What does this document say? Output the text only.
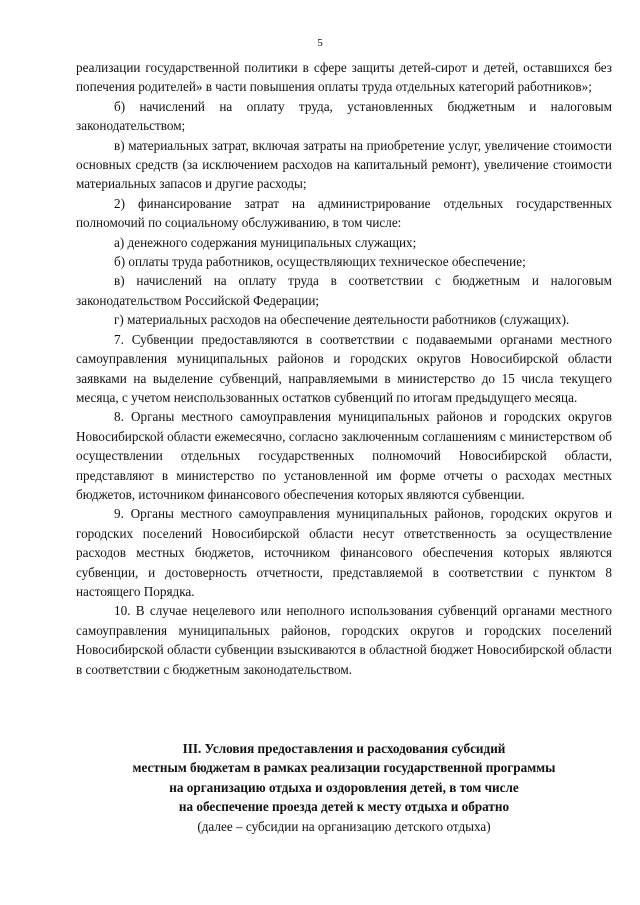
5

реализации государственной политики в сфере защиты детей-сирот и детей, оставшихся без попечения родителей» в части повышения оплаты труда отдельных категорий работников»;

б) начислений на оплату труда, установленных бюджетным и налоговым законодательством;

в) материальных затрат, включая затраты на приобретение услуг, увеличение стоимости основных средств (за исключением расходов на капитальный ремонт), увеличение стоимости материальных запасов и другие расходы;

2) финансирование затрат на администрирование отдельных государственных полномочий по социальному обслуживанию, в том числе:

а) денежного содержания муниципальных служащих;

б) оплаты труда работников, осуществляющих техническое обеспечение;

в) начислений на оплату труда в соответствии с бюджетным и налоговым законодательством Российской Федерации;

г) материальных расходов на обеспечение деятельности работников (служащих).

7. Субвенции предоставляются в соответствии с подаваемыми органами местного самоуправления муниципальных районов и городских округов Новосибирской области заявками на выделение субвенций, направляемыми в министерство до 15 числа текущего месяца, с учетом неиспользованных остатков субвенций по итогам предыдущего месяца.

8. Органы местного самоуправления муниципальных районов и городских округов Новосибирской области ежемесячно, согласно заключенным соглашениям с министерством об осуществлении отдельных государственных полномочий Новосибирской области, представляют в министерство по установленной им форме отчеты о расходах местных бюджетов, источником финансового обеспечения которых являются субвенции.

9. Органы местного самоуправления муниципальных районов, городских округов и городских поселений Новосибирской области несут ответственность за осуществление расходов местных бюджетов, источником финансового обеспечения которых являются субвенции, и достоверность отчетности, представляемой в соответствии с пунктом 8 настоящего Порядка.

10. В случае нецелевого или неполного использования субвенций органами местного самоуправления муниципальных районов, городских округов и городских поселений Новосибирской области субвенции взыскиваются в областной бюджет Новосибирской области в соответствии с бюджетным законодательством.

III. Условия предоставления и расходования субсидий
местным бюджетам в рамках реализации государственной программы
на организацию отдыха и оздоровления детей, в том числе
на обеспечение проезда детей к месту отдыха и обратно
(далее – субсидии на организацию детского отдыха)
